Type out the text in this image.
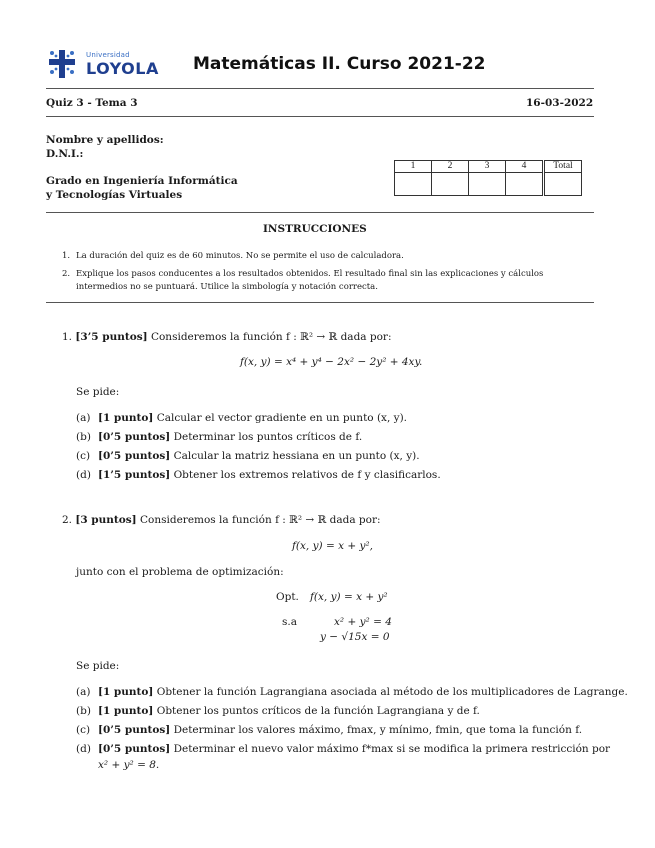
Universidad
LOYOLA Matemáticas II. Curso 2021-22
Quiz 3 - Tema 3	16-03-2022
Nombre y apellidos:
D.N.I.:
Grado en Ingeniería Informática
y Tecnologías Virtuales
1	2	3	4	Total

INSTRUCCIONES
1. La duración del quiz es de 60 minutos. No se permite el uso de calculadora.
2. Explique los pasos conducentes a los resultados obtenidos. El resultado final sin las explicaciones y cálculos
intermedios no se puntuará. Utilice la simbología y notación correcta.
1. [3’5 puntos] Consideremos la función f : ℝ² → ℝ dada por:
f(x, y) = x⁴ + y⁴ − 2x² − 2y² + 4xy.
Se pide:
(a) [1 punto] Calcular el vector gradiente en un punto (x, y).
(b) [0’5 puntos] Determinar los puntos críticos de f.
(c) [0’5 puntos] Calcular la matriz hessiana en un punto (x, y).
(d) [1’5 puntos] Obtener los extremos relativos de f y clasificarlos.
2. [3 puntos] Consideremos la función f : ℝ² → ℝ dada por:
f(x, y) = x + y²,
junto con el problema de optimización:
Opt. f(x, y) = x + y²
s.a	x² + y² = 4
y − √15x = 0
Se pide:
(a) [1 punto] Obtener la función Lagrangiana asociada al método de los multiplicadores de Lagrange.
(b) [1 punto] Obtener los puntos críticos de la función Lagrangiana y de f.
(c) [0’5 puntos] Determinar los valores máximo, fmax, y mínimo, fmin, que toma la función f.
(d) [0’5 puntos] Determinar el nuevo valor máximo f*max si se modifica la primera restricción por
x² + y² = 8.
